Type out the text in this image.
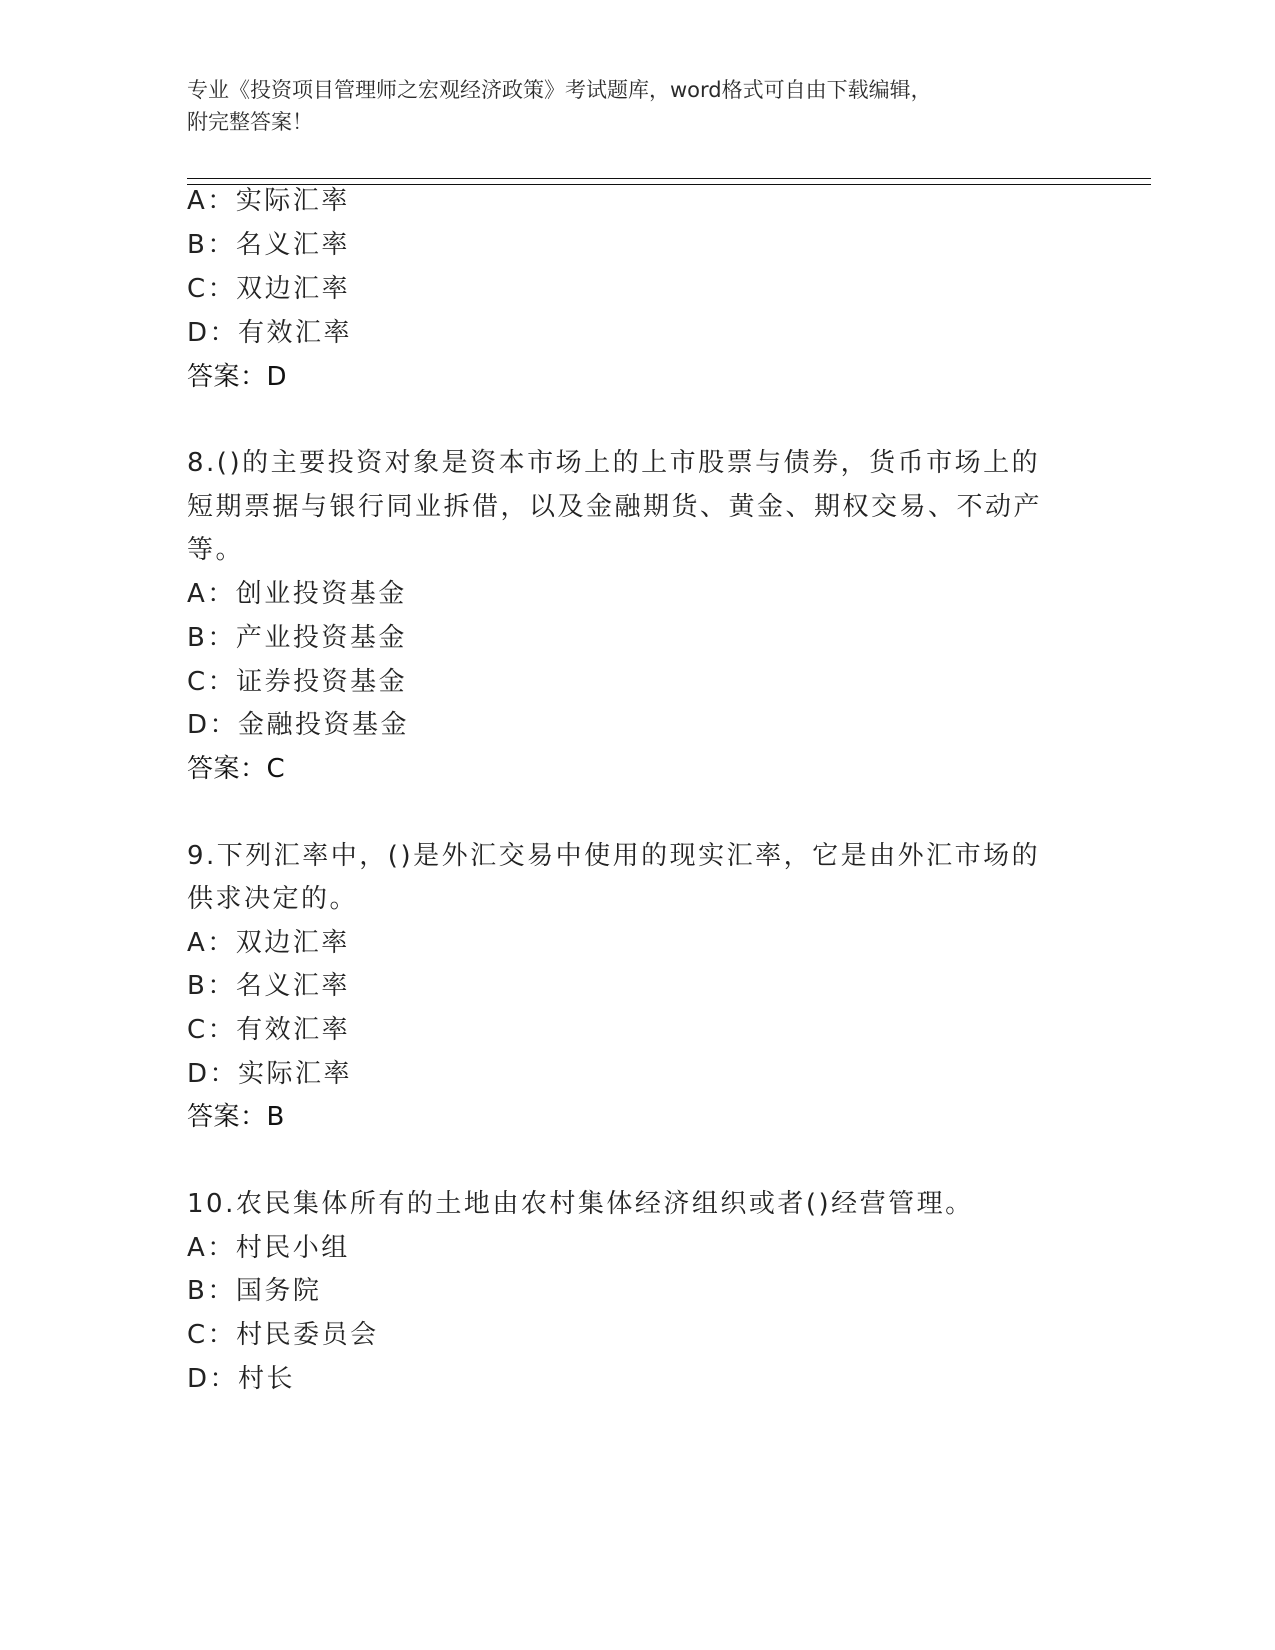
专业《投资项目管理师之宏观经济政策》考试题库，word格式可自由下载编辑，
附完整答案！
A：实际汇率
B：名义汇率
C：双边汇率
D：有效汇率
答案：D
8.()的主要投资对象是资本市场上的上市股票与债券，货币市场上的
短期票据与银行同业拆借，以及金融期货、黄金、期权交易、不动产
等。
A：创业投资基金
B：产业投资基金
C：证券投资基金
D：金融投资基金
答案：C
9.下列汇率中，()是外汇交易中使用的现实汇率，它是由外汇市场的
供求决定的。
A：双边汇率
B：名义汇率
C：有效汇率
D：实际汇率
答案：B
10.农民集体所有的土地由农村集体经济组织或者()经营管理。
A：村民小组
B：国务院
C：村民委员会
D：村长
